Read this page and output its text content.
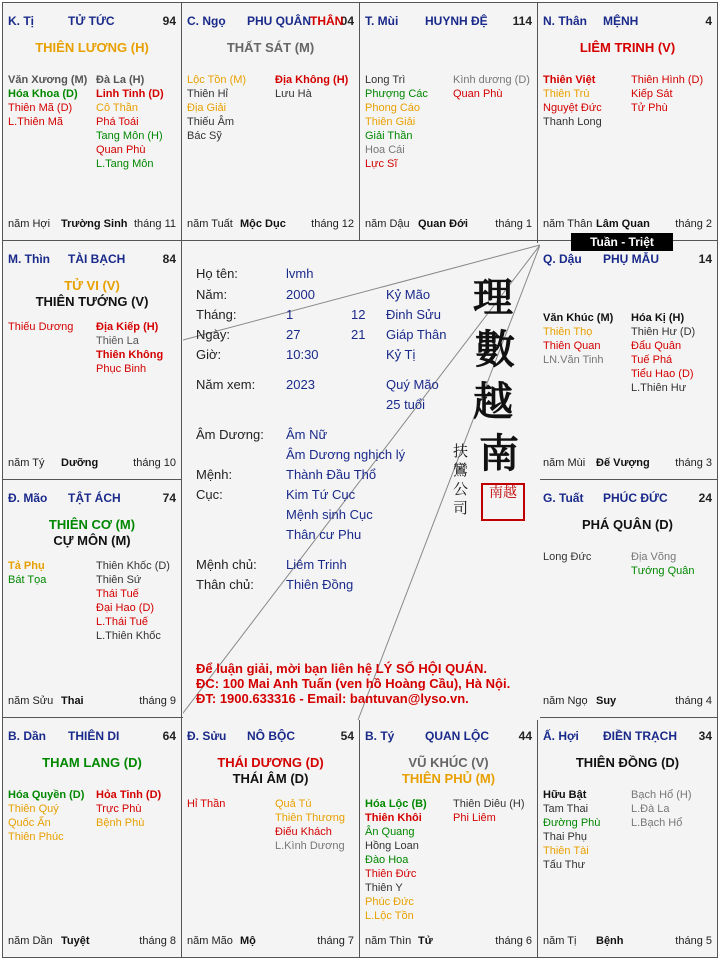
K. Tị	TỬ TỨC	94
THIÊN LƯƠNG (H)
Văn Xương (M)
Hóa Khoa (D)
Thiên Mã (D)
L.Thiên Mã
Đà La (H)
Linh Tinh (D)
Cô Thần
Phá Toái
Tang Môn (H)
Quan Phù
L.Tang Môn
năm Hợi Trường Sinh tháng 11
C. Ngọ PHU QUÂN 04
THÂN
THẤT SÁT (M)
Lộc Tồn (M)
Thiên Hỉ
Địa Giải
Thiếu Âm
Bác Sỹ
Địa Không (H)
Lưu Hà
năm Tuất Mộc Dục tháng 12
T. Mùi HUYNH ĐỆ 114
Long Trì
Phượng Các
Phong Cáo
Thiên Giải
Giải Thần
Hoa Cái
Lực Sĩ
Kình dương (D)
Quan Phù
năm Dậu Quan Đới tháng 1
N. Thân MỆNH	4
LIÊM TRINH (V)
Thiên Việt
Thiên Trù
Nguyệt Đức
Thanh Long
Thiên Hình (D)
Kiếp Sát
Tử Phù
năm Thân Lâm Quan tháng 2
M. Thìn TÀI BẠCH	84
TỬ VI (V)
THIÊN TƯỚNG (V)
Thiếu Dương Địa Kiếp (H)
Thiên La
Thiên Không
Phục Binh
năm Tý Dưỡng	tháng 10
Q. Dậu PHỤ MẪU	14
Văn Khúc (M)
Thiên Thọ
Thiên Quan
LN.Văn Tinh
Hóa Kị (H)
Thiên Hư (D)
Đẩu Quân
Tuế Phá
Tiểu Hao (D)
L.Thiên Hư
năm Mùi Đế Vượng tháng 3
Đ. Mão TẬT ÁCH	74
THIÊN CƠ (M)
CỰ MÔN (M)
Tả Phụ
Bát Tọa
Thiên Khốc (D)
Thiên Sứ
Thái Tuế
Đại Hao (D)
L.Thái Tuế
L.Thiên Khốc
năm Sửu Thai	tháng 9
G. Tuất PHÚC ĐỨC	24
PHÁ QUÂN (D)
Long Đức	Địa Võng
Tướng Quân
năm Ngọ Suy	tháng 4
B. Dần THIÊN DI	64
THAM LANG (D)
Hóa Quyền (D)
Thiên Quý
Quốc Ấn
Thiên Phúc
Hỏa Tinh (D)
Trực Phù
Bệnh Phù
năm Dần Tuyệt	tháng 8
Đ. Sửu NÔ BỘC	54
THÁI DƯƠNG (D)
THÁI ÂM (D)
Hỉ Thần	Quả Tú
Thiên Thương
Điếu Khách
L.Kình Dương
năm Mão Mộ	tháng 7
B. Tý	QUAN LỘC 44
VŨ KHÚC (V)
THIÊN PHỦ (M)
Hóa Lộc (B)
Thiên Khôi
Ân Quang
Hồng Loan
Đào Hoa
Thiên Đức
Thiên Y
Phúc Đức
L.Lộc Tồn
Thiên Diêu (H)
Phi Liêm
năm Thìn Tử	tháng 6
Ấ. Hợi ĐIỀN TRẠCH 34
THIÊN ĐỒNG (D)
Hữu Bật
Tam Thai
Đường Phù
Thai Phụ
Thiên Tài
Tấu Thư
Bạch Hổ (H)
L.Đà La
L.Bạch Hổ
năm Tị Bệnh	tháng 5
Họ tên:	lvmh
Năm:	2000	Kỷ Mão
Tháng:	1	12 Đinh Sửu
Ngày:	27	21 Giáp Thân
Giờ:	10:30	Kỷ Tị
Năm xem: 2023	Quý Mão
Âm Dương: Âm Nữ
Mệnh:	Thành Đầu Thổ
Cục:	Kim Tứ Cục
Mệnh chủ: Liêm Trinh
Thân chủ: Thiên Đồng
25 tuổi
Âm Dương nghịch lý
Mệnh sinh Cục
Thân cư Phu
理
數
越
南
扶
鸞
公
司
南越
Để luận giải, mời bạn liên hệ LÝ SỐ HỘI QUÁN.
ĐC: 100 Mai Anh Tuấn (ven hồ Hoàng Cầu), Hà Nội.
ĐT: 1900.633316 - Email: bantuvan@lyso.vn.
Tuần - Triệt
